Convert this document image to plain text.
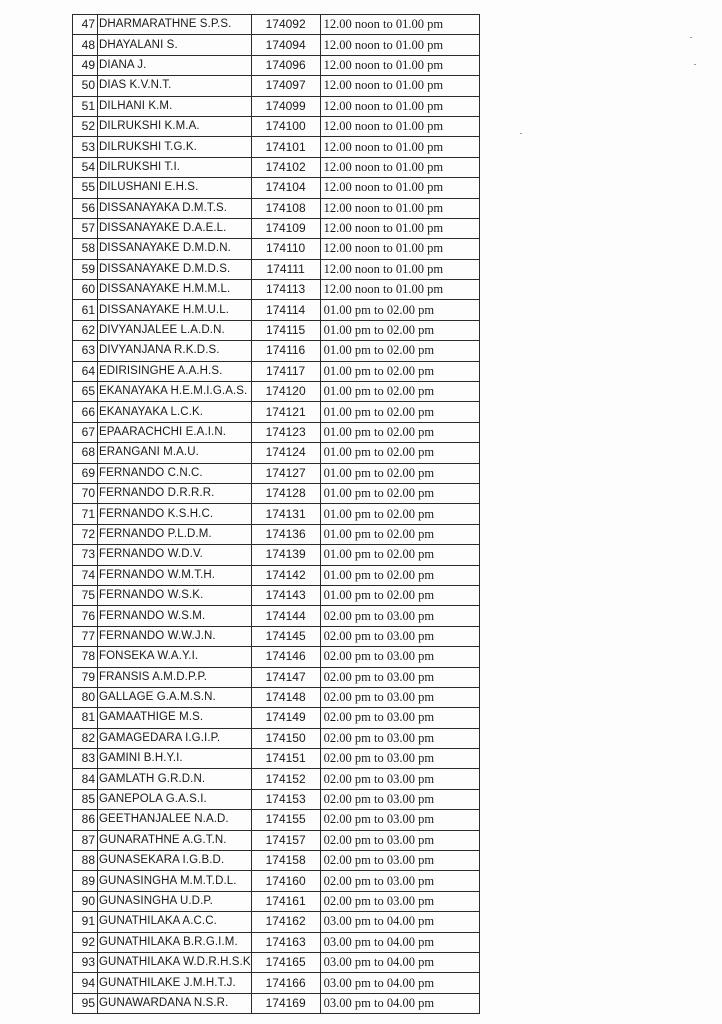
47	DHARMARATHNE S.P.S.	174092	12.00 noon to 01.00 pm
48	DHAYALANI S.	174094	12.00 noon to 01.00 pm
49	DIANA J.	174096	12.00 noon to 01.00 pm
50	DIAS K.V.N.T.	174097	12.00 noon to 01.00 pm
51	DILHANI K.M.	174099	12.00 noon to 01.00 pm
52	DILRUKSHI K.M.A.	174100	12.00 noon to 01.00 pm
53	DILRUKSHI T.G.K.	174101	12.00 noon to 01.00 pm
54	DILRUKSHI T.I.	174102	12.00 noon to 01.00 pm
55	DILUSHANI E.H.S.	174104	12.00 noon to 01.00 pm
56	DISSANAYAKA D.M.T.S.	174108	12.00 noon to 01.00 pm
57	DISSANAYAKE D.A.E.L.	174109	12.00 noon to 01.00 pm
58	DISSANAYAKE D.M.D.N.	174110	12.00 noon to 01.00 pm
59	DISSANAYAKE D.M.D.S.	174111	12.00 noon to 01.00 pm
60	DISSANAYAKE H.M.M.L.	174113	12.00 noon to 01.00 pm
61	DISSANAYAKE H.M.U.L.	174114	01.00 pm to 02.00 pm
62	DIVYANJALEE L.A.D.N.	174115	01.00 pm to 02.00 pm
63	DIVYANJANA R.K.D.S.	174116	01.00 pm to 02.00 pm
64	EDIRISINGHE A.A.H.S.	174117	01.00 pm to 02.00 pm
65	EKANAYAKA H.E.M.I.G.A.S.	174120	01.00 pm to 02.00 pm
66	EKANAYAKA L.C.K.	174121	01.00 pm to 02.00 pm
67	EPAARACHCHI E.A.I.N.	174123	01.00 pm to 02.00 pm
68	ERANGANI M.A.U.	174124	01.00 pm to 02.00 pm
69	FERNANDO C.N.C.	174127	01.00 pm to 02.00 pm
70	FERNANDO D.R.R.R.	174128	01.00 pm to 02.00 pm
71	FERNANDO K.S.H.C.	174131	01.00 pm to 02.00 pm
72	FERNANDO P.L.D.M.	174136	01.00 pm to 02.00 pm
73	FERNANDO W.D.V.	174139	01.00 pm to 02.00 pm
74	FERNANDO W.M.T.H.	174142	01.00 pm to 02.00 pm
75	FERNANDO W.S.K.	174143	01.00 pm to 02.00 pm
76	FERNANDO W.S.M.	174144	02.00 pm to 03.00 pm
77	FERNANDO W.W.J.N.	174145	02.00 pm to 03.00 pm
78	FONSEKA W.A.Y.I.	174146	02.00 pm to 03.00 pm
79	FRANSIS A.M.D.P.P.	174147	02.00 pm to 03.00 pm
80	GALLAGE G.A.M.S.N.	174148	02.00 pm to 03.00 pm
81	GAMAATHIGE M.S.	174149	02.00 pm to 03.00 pm
82	GAMAGEDARA I.G.I.P.	174150	02.00 pm to 03.00 pm
83	GAMINI B.H.Y.I.	174151	02.00 pm to 03.00 pm
84	GAMLATH G.R.D.N.	174152	02.00 pm to 03.00 pm
85	GANEPOLA G.A.S.I.	174153	02.00 pm to 03.00 pm
86	GEETHANJALEE N.A.D.	174155	02.00 pm to 03.00 pm
87	GUNARATHNE A.G.T.N.	174157	02.00 pm to 03.00 pm
88	GUNASEKARA I.G.B.D.	174158	02.00 pm to 03.00 pm
89	GUNASINGHA M.M.T.D.L.	174160	02.00 pm to 03.00 pm
90	GUNASINGHA U.D.P.	174161	02.00 pm to 03.00 pm
91	GUNATHILAKA A.C.C.	174162	03.00 pm to 04.00 pm
92	GUNATHILAKA B.R.G.I.M.	174163	03.00 pm to 04.00 pm
93	GUNATHILAKA W.D.R.H.S.K	174165	03.00 pm to 04.00 pm
94	GUNATHILAKE J.M.H.T.J.	174166	03.00 pm to 04.00 pm
95	GUNAWARDANA N.S.R.	174169	03.00 pm to 04.00 pm
